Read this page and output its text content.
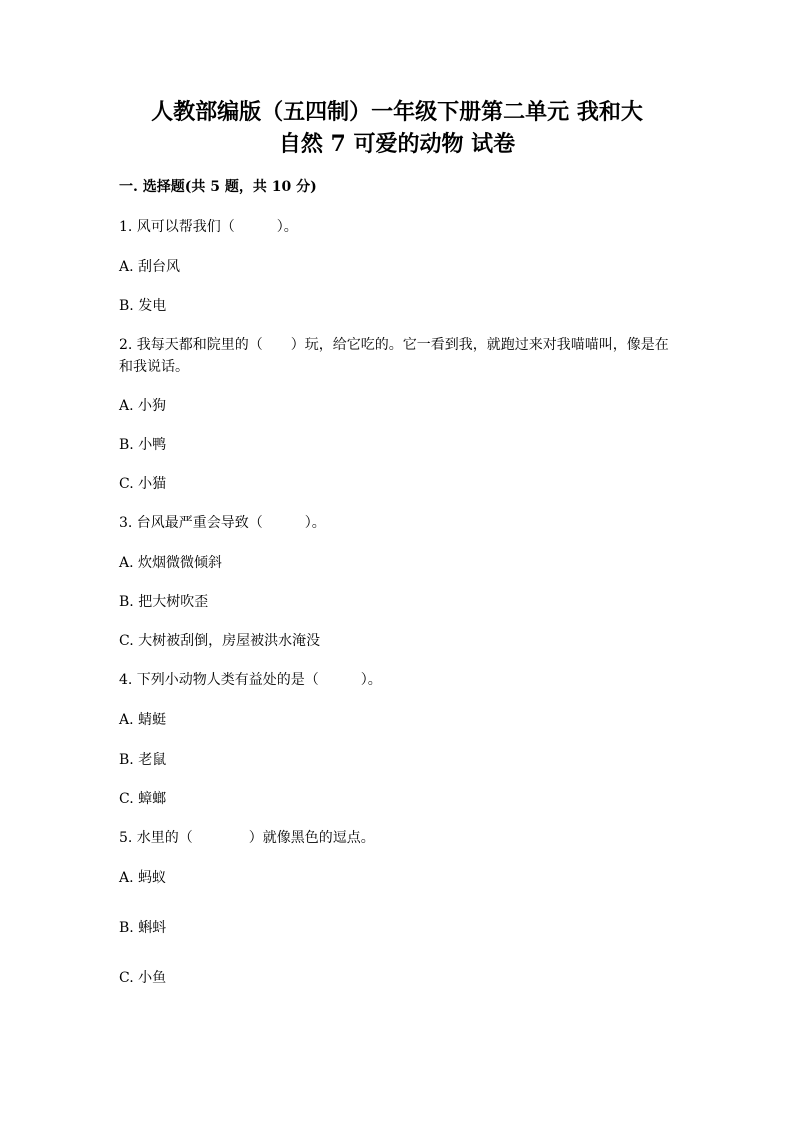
人教部编版（五四制）一年级下册第二单元 我和大
自然 7 可爱的动物 试卷
一. 选择题(共 5 题，共 10 分)
1. 风可以帮我们（　　　）。
A. 刮台风
B. 发电
2. 我每天都和院里的（　　）玩，给它吃的。它一看到我，就跑过来对我喵喵叫，像是在和我说话。
A. 小狗
B. 小鸭
C. 小猫
3. 台风最严重会导致（　　　）。
A. 炊烟微微倾斜
B. 把大树吹歪
C. 大树被刮倒，房屋被洪水淹没
4. 下列小动物人类有益处的是（　　　）。
A. 蜻蜓
B. 老鼠
C. 蟑螂
5. 水里的（　　　　）就像黑色的逗点。
A. 蚂蚁
B. 蝌蚪
C. 小鱼
